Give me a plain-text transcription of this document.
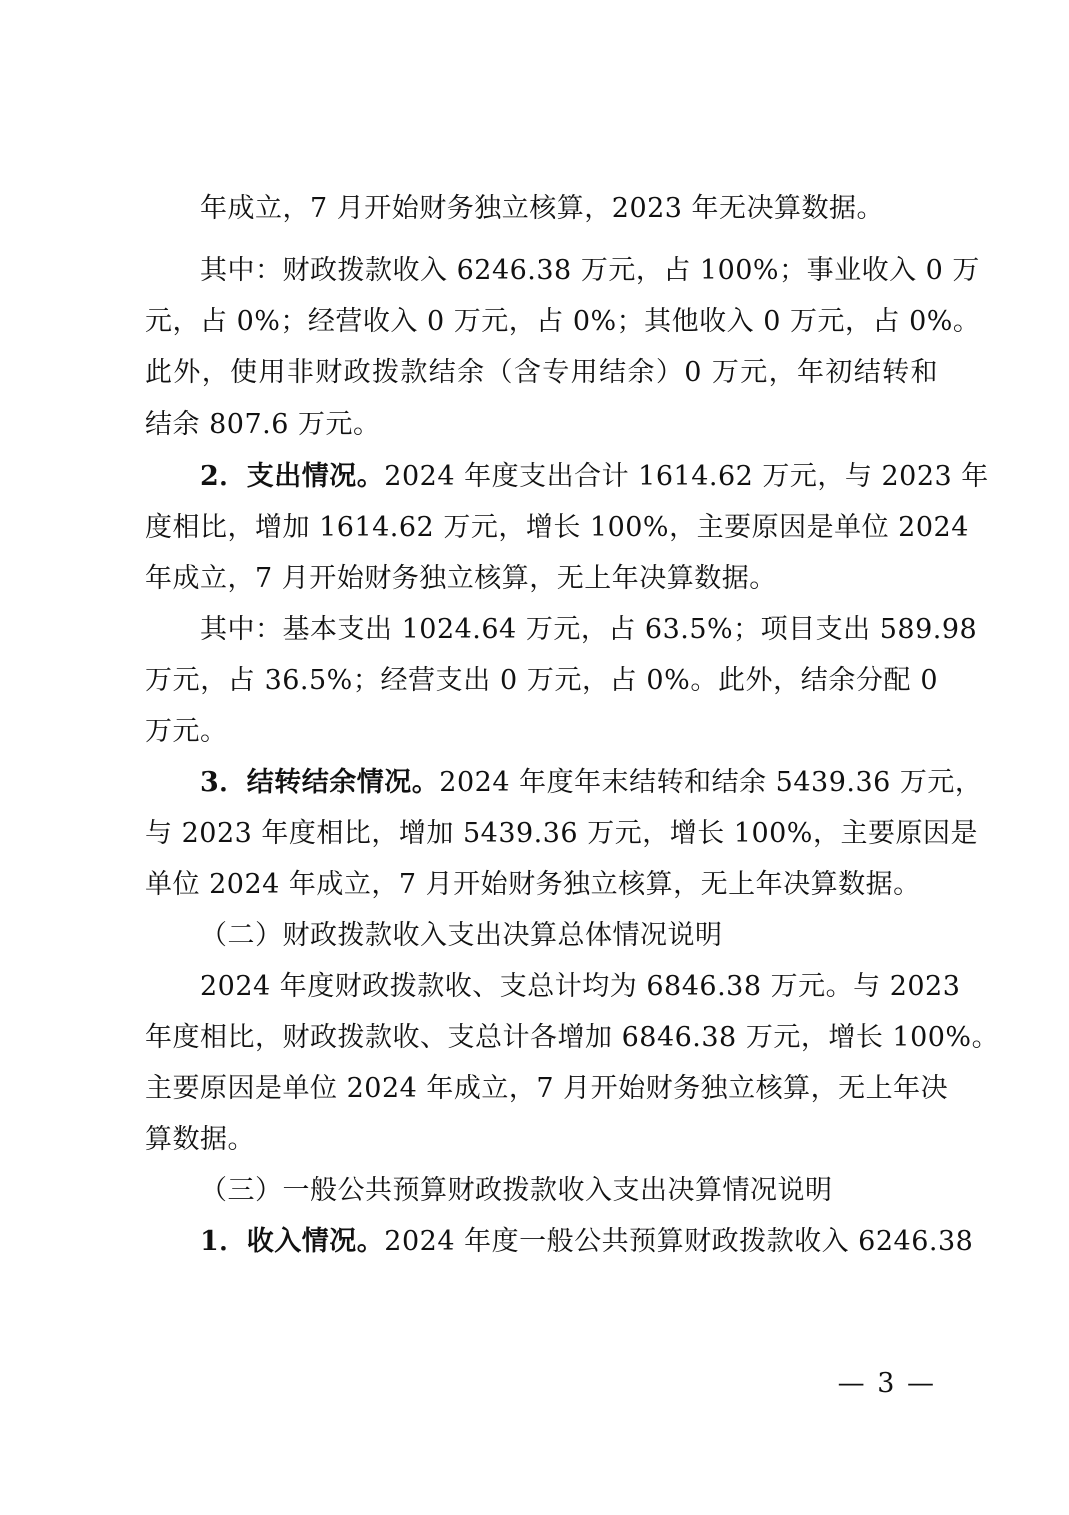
年成立，7 月开始财务独立核算，2023 年无决算数据。
其中：财政拨款收入 6246.38 万元，占 100%；事业收入 0 万
元，占 0%；经营收入 0 万元，占 0%；其他收入 0 万元，占 0%。
此外，使用非财政拨款结余（含专用结余）0 万元，年初结转和
结余 807.6 万元。
2．支出情况。2024 年度支出合计 1614.62 万元，与 2023 年
度相比，增加 1614.62 万元，增长 100%，主要原因是单位 2024
年成立，7 月开始财务独立核算，无上年决算数据。
其中：基本支出 1024.64 万元，占 63.5%；项目支出 589.98
万元，占 36.5%；经营支出 0 万元，占 0%。此外，结余分配 0
万元。
3．结转结余情况。2024 年度年末结转和结余 5439.36 万元，
与 2023 年度相比，增加 5439.36 万元，增长 100%，主要原因是
单位 2024 年成立，7 月开始财务独立核算，无上年决算数据。
（二）财政拨款收入支出决算总体情况说明
2024 年度财政拨款收、支总计均为 6846.38 万元。与 2023
年度相比，财政拨款收、支总计各增加 6846.38 万元，增长 100%。
主要原因是单位 2024 年成立，7 月开始财务独立核算，无上年决
算数据。
（三）一般公共预算财政拨款收入支出决算情况说明
1．收入情况。2024 年度一般公共预算财政拨款收入 6246.38
— 3 —
